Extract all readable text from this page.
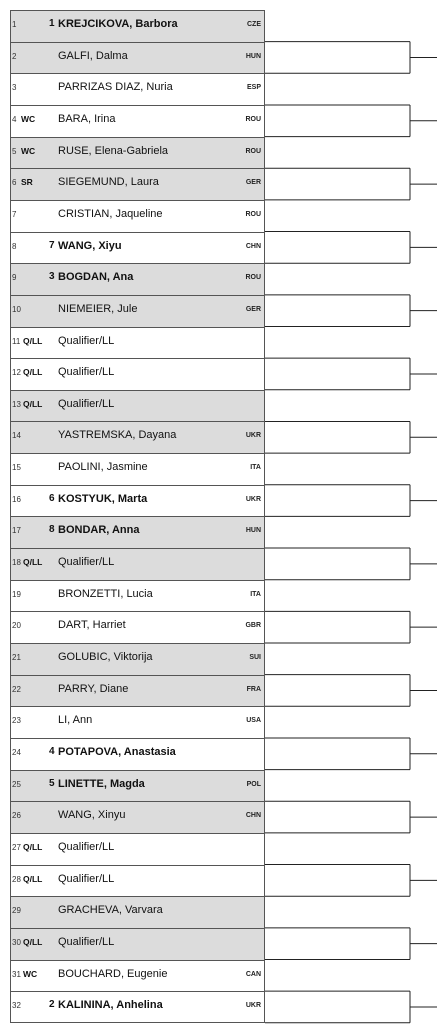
1	1 KREJCIKOVA, Barbora	CZE
2	GALFI, Dalma	HUN
3	PARRIZAS DIAZ, Nuria	ESP
4 WC BARA, Irina	ROU
5 WC RUSE, Elena-Gabriela	ROU
6 SR SIEGEMUND, Laura	GER
7	CRISTIAN, Jaqueline	ROU
8	7 WANG, Xiyu	CHN
9	3 BOGDAN, Ana	ROU
10	NIEMEIER, Jule	GER
11 Q/LL Qualifier/LL
12 Q/LL Qualifier/LL
13 Q/LL Qualifier/LL
14	YASTREMSKA, Dayana	UKR
15	PAOLINI, Jasmine	ITA
16	6 KOSTYUK, Marta	UKR
17	8 BONDAR, Anna	HUN
18 Q/LL Qualifier/LL
19	BRONZETTI, Lucia	ITA
20	DART, Harriet	GBR
21	GOLUBIC, Viktorija	SUI
22	PARRY, Diane	FRA
23	LI, Ann	USA
24	4 POTAPOVA, Anastasia
25	5 LINETTE, Magda	POL
26	WANG, Xinyu	CHN
27 Q/LL Qualifier/LL
28 Q/LL Qualifier/LL
29	GRACHEVA, Varvara
30 Q/LL Qualifier/LL
31 WC BOUCHARD, Eugenie	CAN
32	2 KALININA, Anhelina	UKR
